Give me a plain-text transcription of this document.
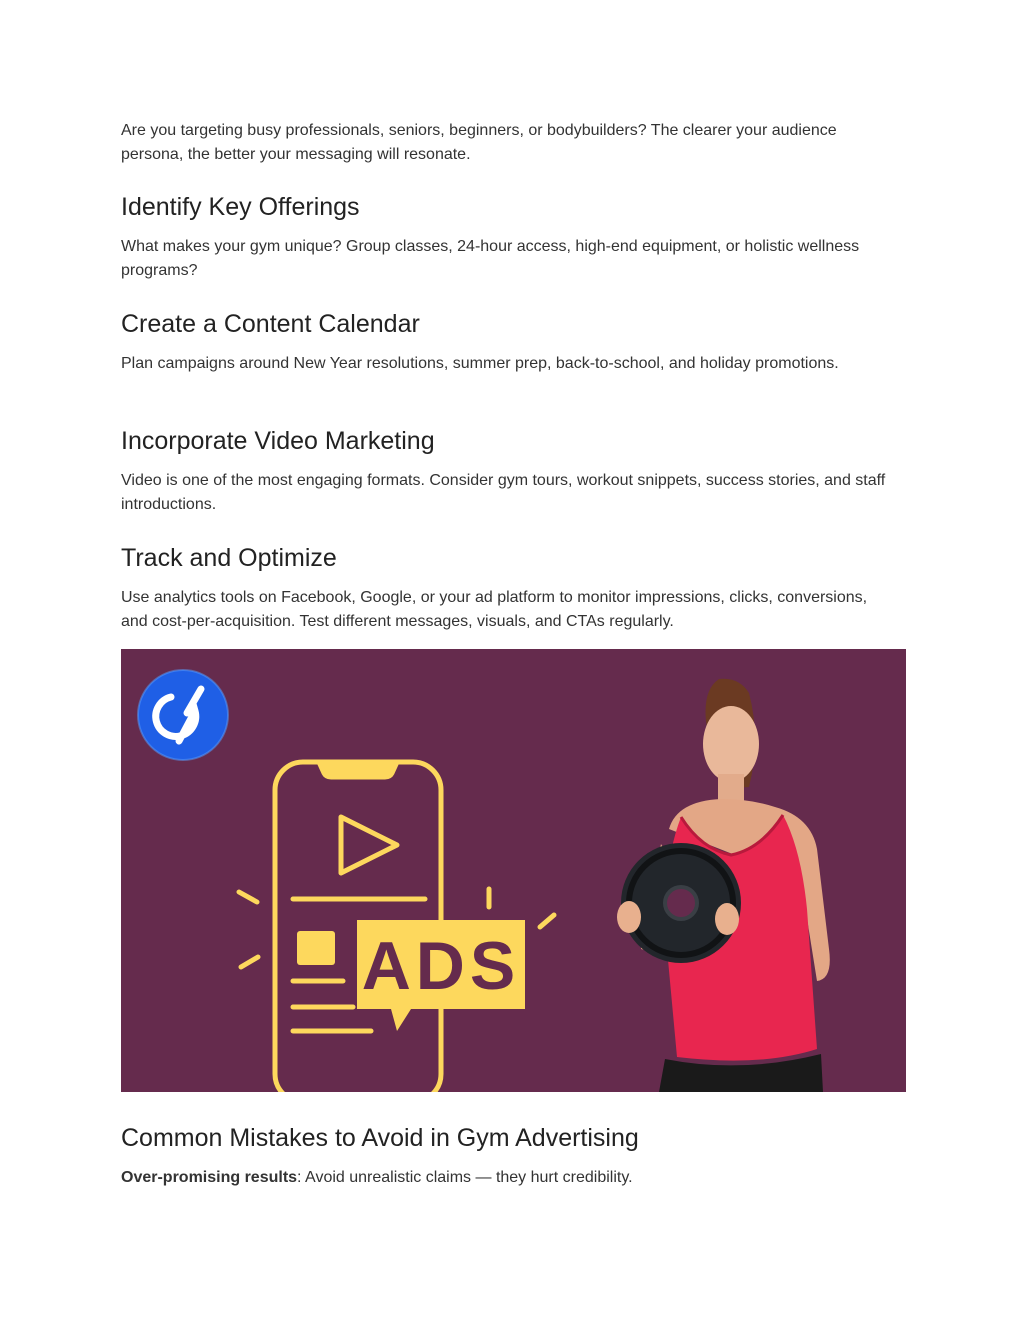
Are you targeting busy professionals, seniors, beginners, or bodybuilders? The clearer your audience persona, the better your messaging will resonate.

Identify Key Offerings

What makes your gym unique? Group classes, 24-hour access, high-end equipment, or holistic wellness programs?

Create a Content Calendar

Plan campaigns around New Year resolutions, summer prep, back-to-school, and holiday promotions.

Incorporate Video Marketing

Video is one of the most engaging formats. Consider gym tours, workout snippets, success stories, and staff introductions.

Track and Optimize

Use analytics tools on Facebook, Google, or your ad platform to monitor impressions, clicks, conversions, and cost-per-acquisition. Test different messages, visuals, and CTAs regularly.

ADS
Common Mistakes to Avoid in Gym Advertising

Over-promising results: Avoid unrealistic claims — they hurt credibility.
